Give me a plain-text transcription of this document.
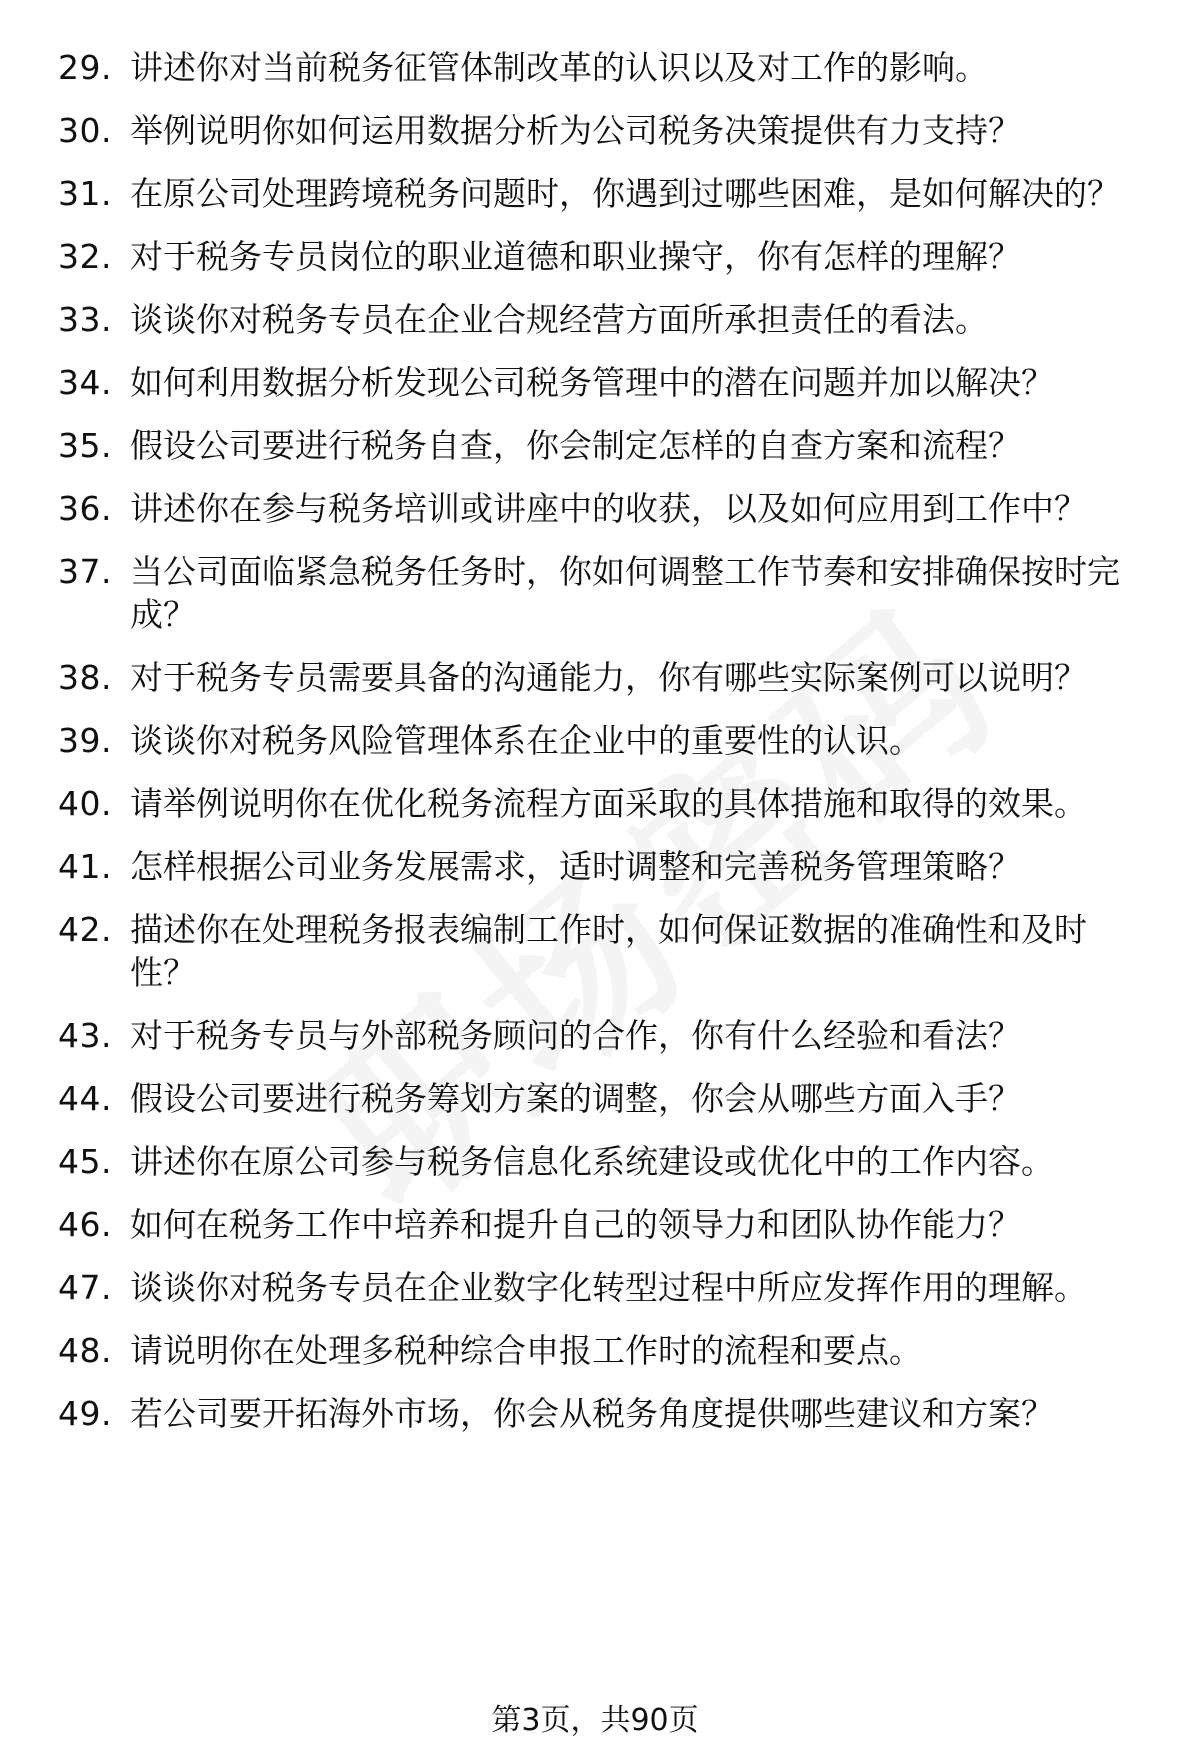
29. 讲述你对当前税务征管体制改革的认识以及对工作的影响。
30. 举例说明你如何运用数据分析为公司税务决策提供有力支持？
31. 在原公司处理跨境税务问题时，你遇到过哪些困难，是如何解决的？
32. 对于税务专员岗位的职业道德和职业操守，你有怎样的理解？
33. 谈谈你对税务专员在企业合规经营方面所承担责任的看法。
34. 如何利用数据分析发现公司税务管理中的潜在问题并加以解决？
35. 假设公司要进行税务自查，你会制定怎样的自查方案和流程？
36. 讲述你在参与税务培训或讲座中的收获，以及如何应用到工作中？
37. 当公司面临紧急税务任务时，你如何调整工作节奏和安排确保按时完成？
38. 对于税务专员需要具备的沟通能力，你有哪些实际案例可以说明？
39. 谈谈你对税务风险管理体系在企业中的重要性的认识。
40. 请举例说明你在优化税务流程方面采取的具体措施和取得的效果。
41. 怎样根据公司业务发展需求，适时调整和完善税务管理策略？
42. 描述你在处理税务报表编制工作时，如何保证数据的准确性和及时性？
43. 对于税务专员与外部税务顾问的合作，你有什么经验和看法？
44. 假设公司要进行税务筹划方案的调整，你会从哪些方面入手？
45. 讲述你在原公司参与税务信息化系统建设或优化中的工作内容。
46. 如何在税务工作中培养和提升自己的领导力和团队协作能力？
47. 谈谈你对税务专员在企业数字化转型过程中所应发挥作用的理解。
48. 请说明你在处理多税种综合申报工作时的流程和要点。
49. 若公司要开拓海外市场，你会从税务角度提供哪些建议和方案？
第3页，共90页
